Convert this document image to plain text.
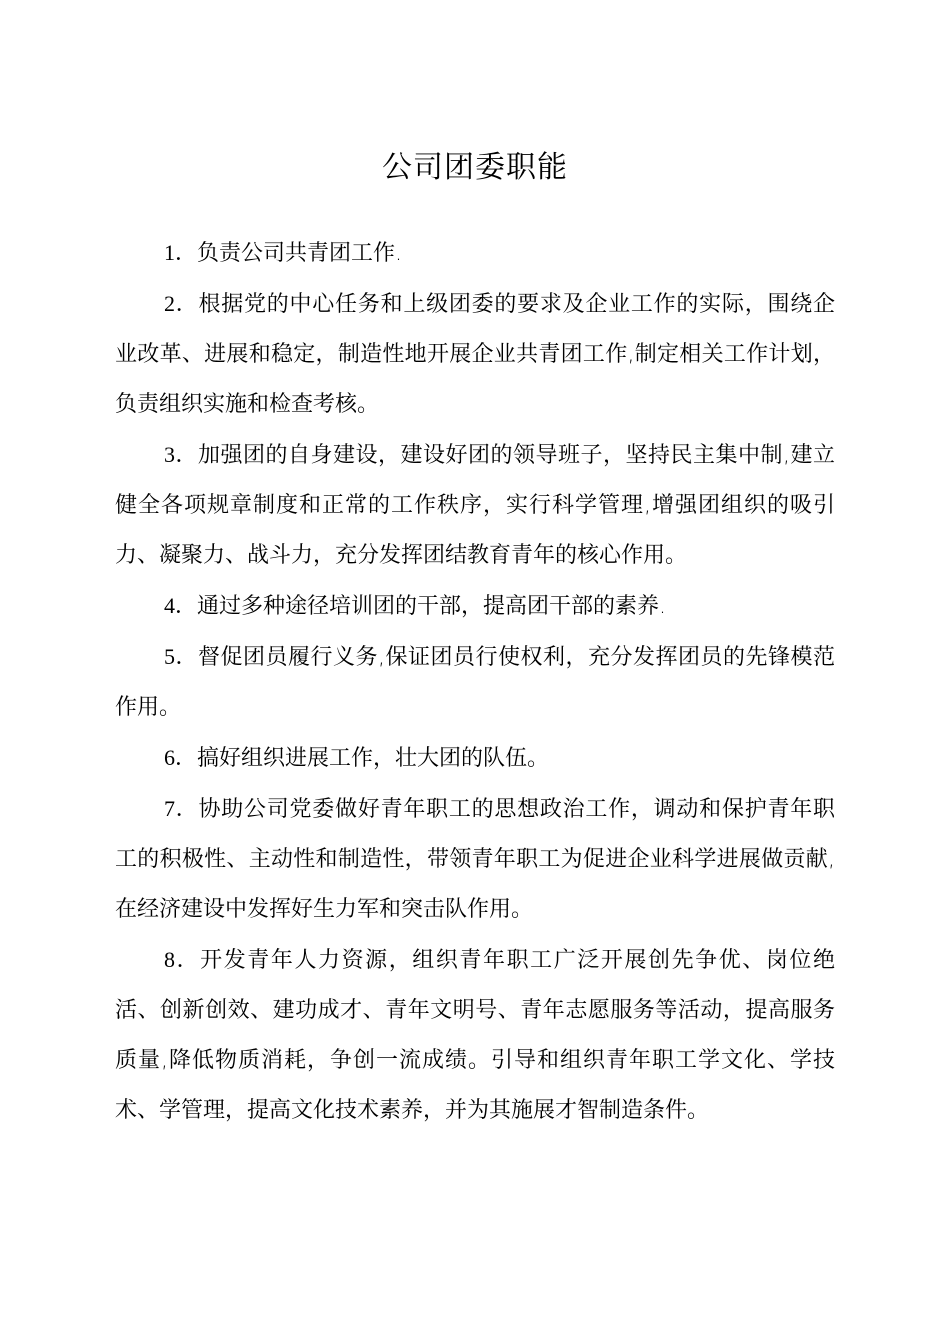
公司团委职能

1．负责公司共青团工作.

2．根据党的中心任务和上级团委的要求及企业工作的实际，围绕企业改革、进展和稳定，制造性地开展企业共青团工作,制定相关工作计划，负责组织实施和检查考核。

3．加强团的自身建设，建设好团的领导班子，坚持民主集中制,建立健全各项规章制度和正常的工作秩序，实行科学管理,增强团组织的吸引力、凝聚力、战斗力，充分发挥团结教育青年的核心作用。

4．通过多种途径培训团的干部，提高团干部的素养.

5．督促团员履行义务,保证团员行使权利，充分发挥团员的先锋模范作用。

6．搞好组织进展工作，壮大团的队伍。

7．协助公司党委做好青年职工的思想政治工作，调动和保护青年职工的积极性、主动性和制造性，带领青年职工为促进企业科学进展做贡献,在经济建设中发挥好生力军和突击队作用。

8．开发青年人力资源，组织青年职工广泛开展创先争优、岗位绝活、创新创效、建功成才、青年文明号、青年志愿服务等活动，提高服务质量,降低物质消耗，争创一流成绩。引导和组织青年职工学文化、学技术、学管理，提高文化技术素养，并为其施展才智制造条件。
